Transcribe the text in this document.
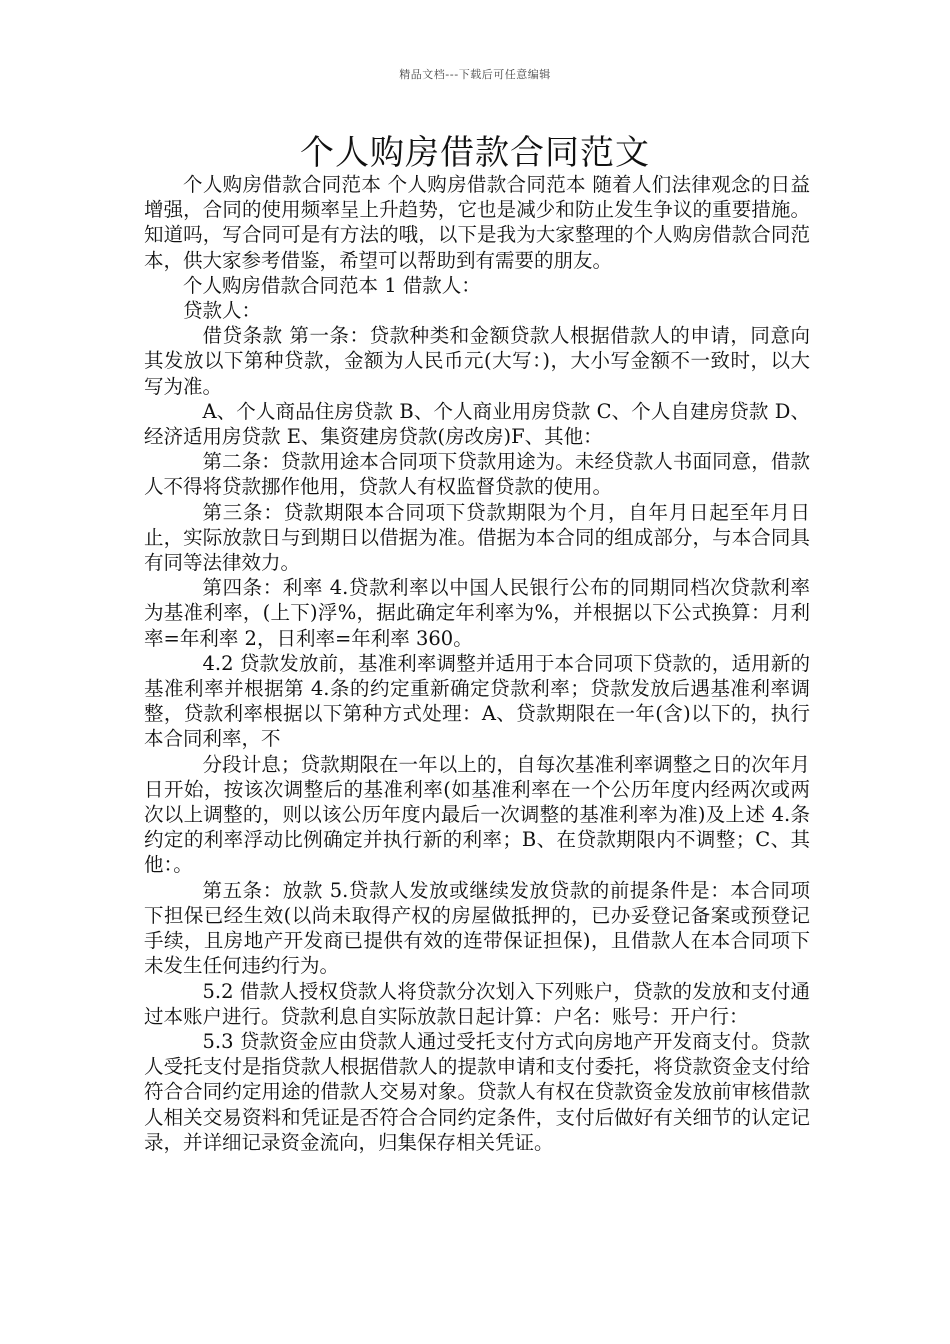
精品文档---下载后可任意编辑
个人购房借款合同范文

个人购房借款合同范本 个人购房借款合同范本 随着人们法律观念的日益增强，合同的使用频率呈上升趋势，它也是减少和防止发生争议的重要措施。知道吗，写合同可是有方法的哦，以下是我为大家整理的个人购房借款合同范本，供大家参考借鉴，希望可以帮助到有需要的朋友。

个人购房借款合同范本 1 借款人：

贷款人：

借贷条款 第一条：贷款种类和金额贷款人根据借款人的申请，同意向其发放以下第种贷款，金额为人民币元(大写：)，大小写金额不一致时，以大写为准。

A、个人商品住房贷款 B、个人商业用房贷款 C、个人自建房贷款 D、经济适用房贷款 E、集资建房贷款(房改房)F、其他：

第二条：贷款用途本合同项下贷款用途为。未经贷款人书面同意，借款人不得将贷款挪作他用，贷款人有权监督贷款的使用。

第三条：贷款期限本合同项下贷款期限为个月，自年月日起至年月日止，实际放款日与到期日以借据为准。借据为本合同的组成部分，与本合同具有同等法律效力。

第四条：利率 4.贷款利率以中国人民银行公布的同期同档次贷款利率为基准利率，(上下)浮%，据此确定年利率为%，并根据以下公式换算：月利率=年利率 2，日利率=年利率 360。

4.2 贷款发放前，基准利率调整并适用于本合同项下贷款的，适用新的基准利率并根据第 4.条的约定重新确定贷款利率；贷款发放后遇基准利率调整，贷款利率根据以下第种方式处理：A、贷款期限在一年(含)以下的，执行本合同利率，不

分段计息；贷款期限在一年以上的，自每次基准利率调整之日的次年月日开始，按该次调整后的基准利率(如基准利率在一个公历年度内经两次或两次以上调整的，则以该公历年度内最后一次调整的基准利率为准)及上述 4.条约定的利率浮动比例确定并执行新的利率；B、在贷款期限内不调整；C、其他：。

第五条：放款 5.贷款人发放或继续发放贷款的前提条件是：本合同项下担保已经生效(以尚未取得产权的房屋做抵押的，已办妥登记备案或预登记手续，且房地产开发商已提供有效的连带保证担保)，且借款人在本合同项下未发生任何违约行为。

5.2 借款人授权贷款人将贷款分次划入下列账户，贷款的发放和支付通过本账户进行。贷款利息自实际放款日起计算：户名：账号：开户行：

5.3 贷款资金应由贷款人通过受托支付方式向房地产开发商支付。贷款人受托支付是指贷款人根据借款人的提款申请和支付委托，将贷款资金支付给符合合同约定用途的借款人交易对象。贷款人有权在贷款资金发放前审核借款人相关交易资料和凭证是否符合合同约定条件，支付后做好有关细节的认定记录，并详细记录资金流向，归集保存相关凭证。
